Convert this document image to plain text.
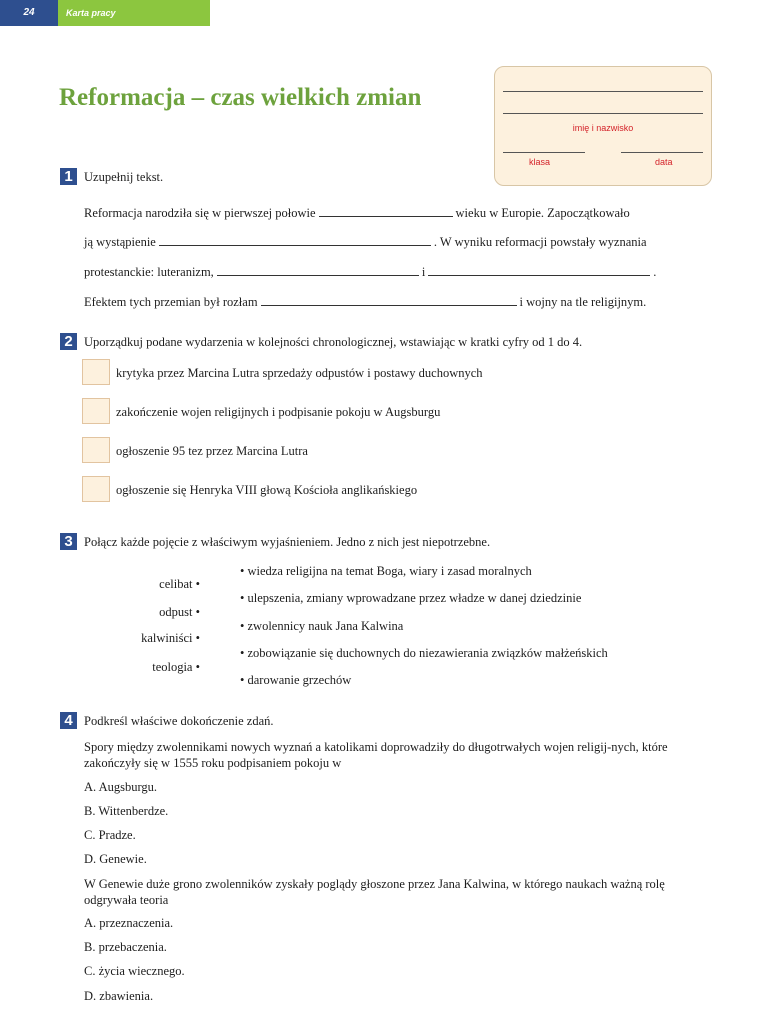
24	Karta pracy
Reformacja – czas wielkich zmian
imię i nazwisko
klasa	data
1 Uzupełnij tekst.
Reformacja narodziła się w pierwszej połowie	wieku w Europie. Zapoczątkowało
ją wystąpienie	. W wyniku reformacji powstały wyznania
protestanckie: luteranizm,	i	.
Efektem tych przemian był rozłam	i wojny na tle religijnym.
2 Uporządkuj podane wydarzenia w kolejności chronologicznej, wstawiając w kratki cyfry od 1 do 4.
krytyka przez Marcina Lutra sprzedaży odpustów i postawy duchownych
zakończenie wojen religijnych i podpisanie pokoju w Augsburgu
ogłoszenie 95 tez przez Marcina Lutra
ogłoszenie się Henryka VIII głową Kościoła anglikańskiego
3 Połącz każde pojęcie z właściwym wyjaśnieniem. Jedno z nich jest niepotrzebne.
celibat •
odpust •
kalwiniści •
teologia •
• wiedza religijna na temat Boga, wiary i zasad moralnych
• ulepszenia, zmiany wprowadzane przez władze w danej dziedzinie
• zwolennicy nauk Jana Kalwina
• zobowiązanie się duchownych do niezawierania związków małżeńskich
• darowanie grzechów
4 Podkreśl właściwe dokończenie zdań.
Spory między zwolennikami nowych wyznań a katolikami doprowadziły do długotrwałych wojen religij-nych, które zakończyły się w 1555 roku podpisaniem pokoju w
A. Augsburgu.
B. Wittenberdze.
C. Pradze.
D. Genewie.
W Genewie duże grono zwolenników zyskały poglądy głoszone przez Jana Kalwina, w którego naukach ważną rolę odgrywała teoria
A. przeznaczenia.
B. przebaczenia.
C. życia wiecznego.
D. zbawienia.
